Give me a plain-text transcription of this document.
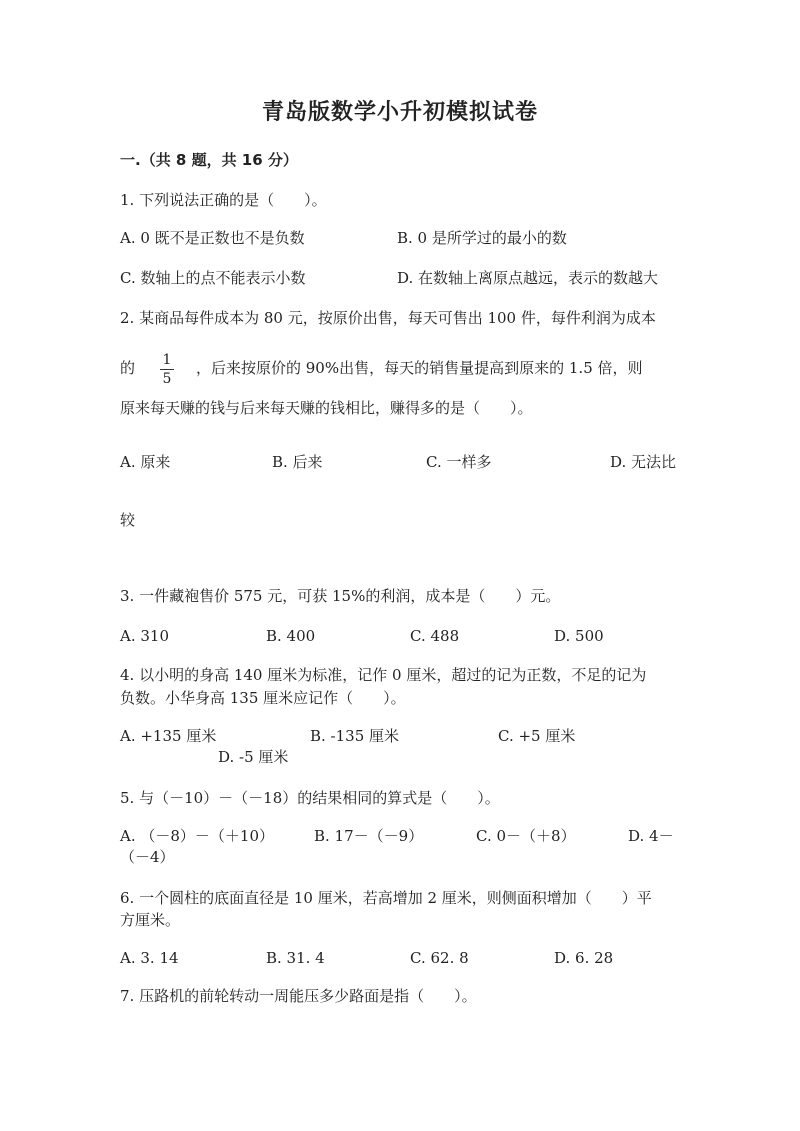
青岛版数学小升初模拟试卷
一.（共 8 题，共 16 分）
1. 下列说法正确的是（　　）。
A. 0 既不是正数也不是负数	B. 0 是所学过的最小的数
C. 数轴上的点不能表示小数	D. 在数轴上离原点越远，表示的数越大
2. 某商品每件成本为 80 元，按原价出售，每天可售出 100 件，每件利润为成本
的	1
5
，后来按原价的 90%出售，每天的销售量提高到原来的 1.5 倍，则
原来每天赚的钱与后来每天赚的钱相比，赚得多的是（　　）。
A. 原来	B. 后来	C. 一样多	D. 无法比
较
3. 一件藏袍售价 575 元，可获 15%的利润，成本是（　　）元。
A. 310	B. 400	C. 488	D. 500
4. 以小明的身高 140 厘米为标准，记作 0 厘米，超过的记为正数，不足的记为
负数。小华身高 135 厘米应记作（　　）。
A. +135 厘米	B. -135 厘米	C. +5 厘米
D. -5 厘米
5. 与（－10）－（－18）的结果相同的算式是（　　）。
A. （－8）－（＋10）	B. 17－（－9）	C. 0－（＋8）	D. 4－
（－4）
6. 一个圆柱的底面直径是 10 厘米，若高增加 2 厘米，则侧面积增加（　　）平
方厘米。
A. 3. 14	B. 31. 4	C. 62. 8	D. 6. 28
7. 压路机的前轮转动一周能压多少路面是指（　　）。
